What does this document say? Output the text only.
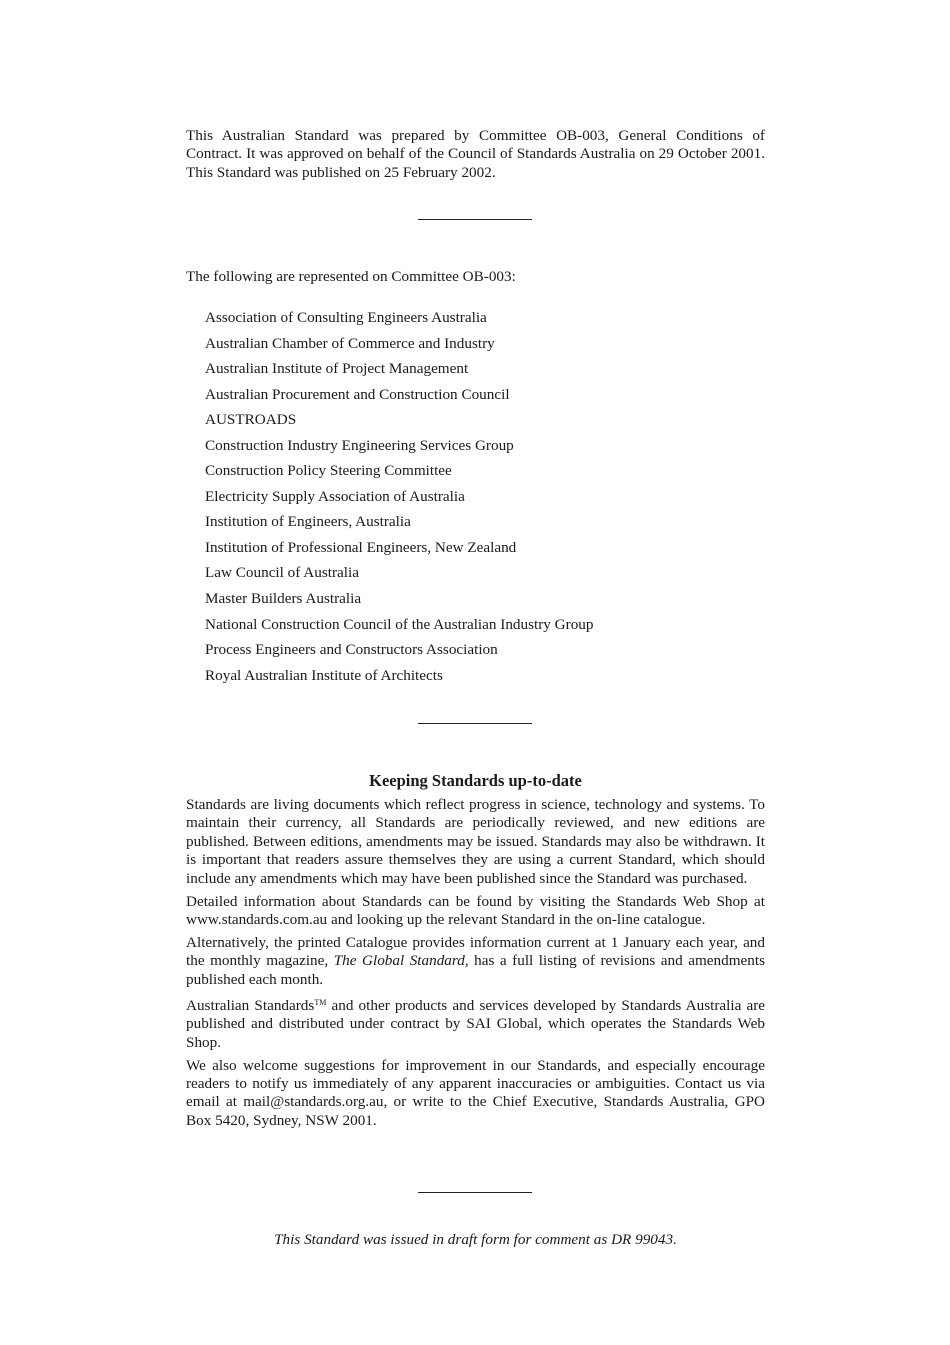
This Australian Standard was prepared by Committee OB-003, General Conditions of Contract. It was approved on behalf of the Council of Standards Australia on 29 October 2001. This Standard was published on 25 February 2002.

The following are represented on Committee OB-003:

Association of Consulting Engineers Australia
Australian Chamber of Commerce and Industry
Australian Institute of Project Management
Australian Procurement and Construction Council
AUSTROADS
Construction Industry Engineering Services Group
Construction Policy Steering Committee
Electricity Supply Association of Australia
Institution of Engineers, Australia
Institution of Professional Engineers, New Zealand
Law Council of Australia
Master Builders Australia
National Construction Council of the Australian Industry Group
Process Engineers and Constructors Association
Royal Australian Institute of Architects
Keeping Standards up-to-date

Standards are living documents which reflect progress in science, technology and systems. To maintain their currency, all Standards are periodically reviewed, and new editions are published. Between editions, amendments may be issued. Standards may also be withdrawn. It is important that readers assure themselves they are using a current Standard, which should include any amendments which may have been published since the Standard was purchased.

Detailed information about Standards can be found by visiting the Standards Web Shop at www.standards.com.au and looking up the relevant Standard in the on-line catalogue.

Alternatively, the printed Catalogue provides information current at 1 January each year, and the monthly magazine, The Global Standard, has a full listing of revisions and amendments published each month.

Australian Standards™ and other products and services developed by Standards Australia are published and distributed under contract by SAI Global, which operates the Standards Web Shop.

We also welcome suggestions for improvement in our Standards, and especially encourage readers to notify us immediately of any apparent inaccuracies or ambiguities. Contact us via email at mail@standards.org.au, or write to the Chief Executive, Standards Australia, GPO Box 5420, Sydney, NSW 2001.

This Standard was issued in draft form for comment as DR 99043.
